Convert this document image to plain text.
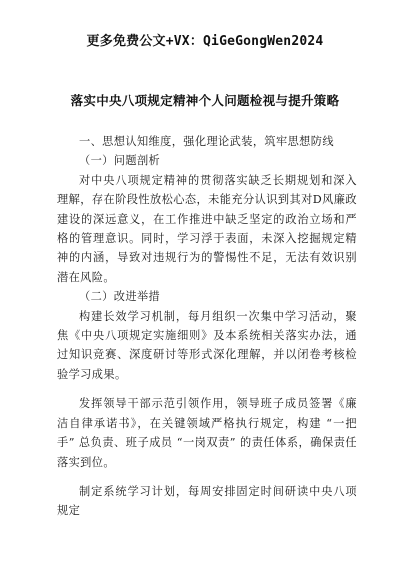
更多免费公文+VX：QiGeGongWen2024
落实中央八项规定精神个人问题检视与提升策略

一、思想认知维度，强化理论武装，筑牢思想防线

（一）问题剖析

对中央八项规定精神的贯彻落实缺乏长期规划和深入理解，存在阶段性放松心态，未能充分认识到其对D风廉政建设的深远意义，在工作推进中缺乏坚定的政治立场和严格的管理意识。同时，学习浮于表面，未深入挖掘规定精神的内涵，导致对违规行为的警惕性不足，无法有效识别潜在风险。

（二）改进举措

构建长效学习机制，每月组织一次集中学习活动，聚焦《中央八项规定实施细则》及本系统相关落实办法，通过知识竞赛、深度研讨等形式深化理解，并以闭卷考核检验学习成果。

发挥领导干部示范引领作用，领导班子成员签署《廉洁自律承诺书》，在关键领域严格执行规定，构建 “一把手” 总负责、班子成员 “一岗双责” 的责任体系，确保责任落实到位。

制定系统学习计划，每周安排固定时间研读中央八项规定
